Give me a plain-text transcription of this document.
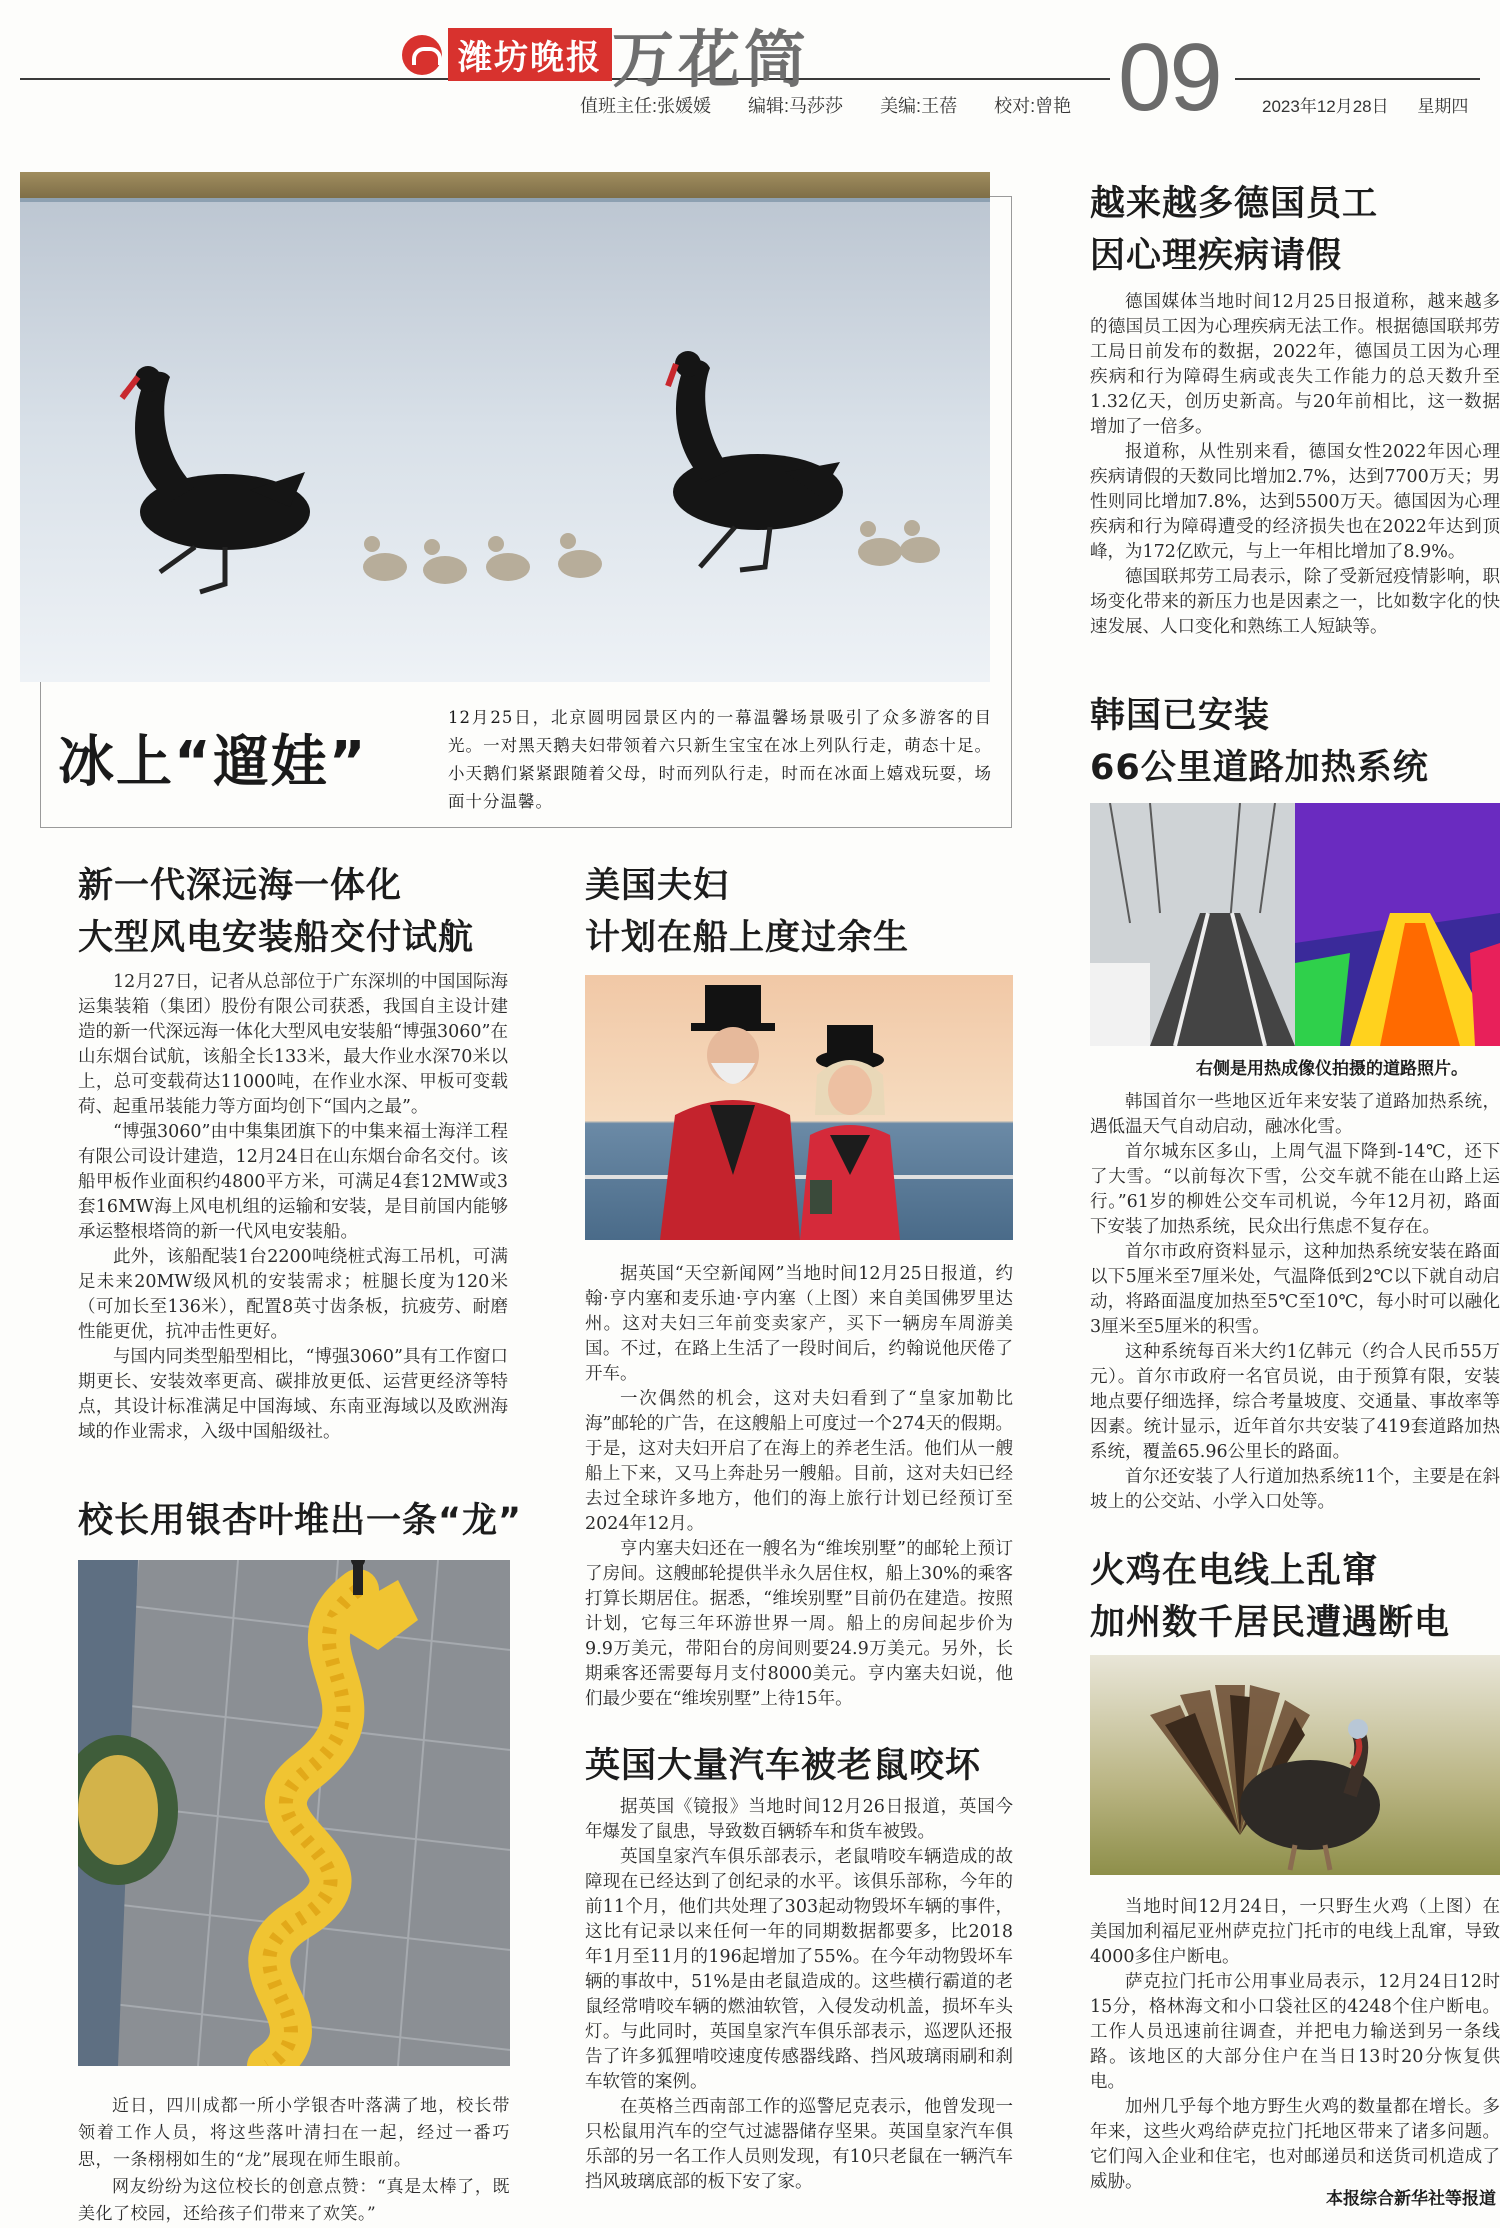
潍坊晚报 万花筒	09
值班主任:张媛媛 编辑:马莎莎 美编:王蓓 校对:曾艳	2023年12月28日 星期四
冰上“遛娃”
12月25日，北京圆明园景区内的一幕温馨场景吸引了众多游客的目光。一对黑天鹅夫妇带领着六只新生宝宝在冰上列队行走，萌态十足。小天鹅们紧紧跟随着父母，时而列队行走，时而在冰面上嬉戏玩耍，场面十分温馨。
新一代深远海一体化
大型风电安装船交付试航

12月27日，记者从总部位于广东深圳的中国国际海运集装箱（集团）股份有限公司获悉，我国自主设计建造的新一代深远海一体化大型风电安装船“博强3060”在山东烟台试航，该船全长133米，最大作业水深70米以上，总可变载荷达11000吨，在作业水深、甲板可变载荷、起重吊装能力等方面均创下“国内之最”。

“博强3060”由中集集团旗下的中集来福士海洋工程有限公司设计建造，12月24日在山东烟台命名交付。该船甲板作业面积约4800平方米，可满足4套12MW或3套16MW海上风电机组的运输和安装，是目前国内能够承运整根塔筒的新一代风电安装船。

此外，该船配装1台2200吨绕桩式海工吊机，可满足未来20MW级风机的安装需求；桩腿长度为120米（可加长至136米），配置8英寸齿条板，抗疲劳、耐磨性能更优，抗冲击性更好。

与国内同类型船型相比，“博强3060”具有工作窗口期更长、安装效率更高、碳排放更低、运营更经济等特点，其设计标准满足中国海域、东南亚海域以及欧洲海域的作业需求，入级中国船级社。

校长用银杏叶堆出一条“龙”

近日，四川成都一所小学银杏叶落满了地，校长带领着工作人员，将这些落叶清扫在一起，经过一番巧思，一条栩栩如生的“龙”展现在师生眼前。

网友纷纷为这位校长的创意点赞：“真是太棒了，既美化了校园，还给孩子们带来了欢笑。”

美国夫妇
计划在船上度过余生

据英国“天空新闻网”当地时间12月25日报道，约翰·亨内塞和麦乐迪·亨内塞（上图）来自美国佛罗里达州。这对夫妇三年前变卖家产，买下一辆房车周游美国。不过，在路上生活了一段时间后，约翰说他厌倦了开车。

一次偶然的机会，这对夫妇看到了“皇家加勒比海”邮轮的广告，在这艘船上可度过一个274天的假期。于是，这对夫妇开启了在海上的养老生活。他们从一艘船上下来，又马上奔赴另一艘船。目前，这对夫妇已经去过全球许多地方，他们的海上旅行计划已经预订至2024年12月。

亨内塞夫妇还在一艘名为“维埃别墅”的邮轮上预订了房间。这艘邮轮提供半永久居住权，船上30%的乘客打算长期居住。据悉，“维埃别墅”目前仍在建造。按照计划，它每三年环游世界一周。船上的房间起步价为9.9万美元，带阳台的房间则要24.9万美元。另外，长期乘客还需要每月支付8000美元。亨内塞夫妇说，他们最少要在“维埃别墅”上待15年。

英国大量汽车被老鼠咬坏

据英国《镜报》当地时间12月26日报道，英国今年爆发了鼠患，导致数百辆轿车和货车被毁。

英国皇家汽车俱乐部表示，老鼠啃咬车辆造成的故障现在已经达到了创纪录的水平。该俱乐部称，今年的前11个月，他们共处理了303起动物毁坏车辆的事件，这比有记录以来任何一年的同期数据都要多，比2018年1月至11月的196起增加了55%。在今年动物毁坏车辆的事故中，51%是由老鼠造成的。这些横行霸道的老鼠经常啃咬车辆的燃油软管，入侵发动机盖，损坏车头灯。与此同时，英国皇家汽车俱乐部表示，巡逻队还报告了许多狐狸啃咬速度传感器线路、挡风玻璃雨刷和刹车软管的案例。

在英格兰西南部工作的巡警尼克表示，他曾发现一只松鼠用汽车的空气过滤器储存坚果。英国皇家汽车俱乐部的另一名工作人员则发现，有10只老鼠在一辆汽车挡风玻璃底部的板下安了家。

越来越多德国员工
因心理疾病请假

德国媒体当地时间12月25日报道称，越来越多的德国员工因为心理疾病无法工作。根据德国联邦劳工局日前发布的数据，2022年，德国员工因为心理疾病和行为障碍生病或丧失工作能力的总天数升至1.32亿天，创历史新高。与20年前相比，这一数据增加了一倍多。

报道称，从性别来看，德国女性2022年因心理疾病请假的天数同比增加2.7%，达到7700万天；男性则同比增加7.8%，达到5500万天。德国因为心理疾病和行为障碍遭受的经济损失也在2022年达到顶峰，为172亿欧元，与上一年相比增加了8.9%。

德国联邦劳工局表示，除了受新冠疫情影响，职场变化带来的新压力也是因素之一，比如数字化的快速发展、人口变化和熟练工人短缺等。

韩国已安装
66公里道路加热系统
右侧是用热成像仪拍摄的道路照片。

韩国首尔一些地区近年来安装了道路加热系统，遇低温天气自动启动，融冰化雪。

首尔城东区多山，上周气温下降到-14℃，还下了大雪。“以前每次下雪，公交车就不能在山路上运行。”61岁的柳姓公交车司机说，今年12月初，路面下安装了加热系统，民众出行焦虑不复存在。

首尔市政府资料显示，这种加热系统安装在路面以下5厘米至7厘米处，气温降低到2℃以下就自动启动，将路面温度加热至5℃至10℃，每小时可以融化3厘米至5厘米的积雪。

这种系统每百米大约1亿韩元（约合人民币55万元）。首尔市政府一名官员说，由于预算有限，安装地点要仔细选择，综合考量坡度、交通量、事故率等因素。统计显示，近年首尔共安装了419套道路加热系统，覆盖65.96公里长的路面。

首尔还安装了人行道加热系统11个，主要是在斜坡上的公交站、小学入口处等。

火鸡在电线上乱窜
加州数千居民遭遇断电

当地时间12月24日，一只野生火鸡（上图）在美国加利福尼亚州萨克拉门托市的电线上乱窜，导致4000多住户断电。

萨克拉门托市公用事业局表示，12月24日12时15分，格林海文和小口袋社区的4248个住户断电。工作人员迅速前往调查，并把电力输送到另一条线路。该地区的大部分住户在当日13时20分恢复供电。

加州几乎每个地方野生火鸡的数量都在增长。多年来，这些火鸡给萨克拉门托地区带来了诸多问题。它们闯入企业和住宅，也对邮递员和送货司机造成了威胁。

本报综合新华社等报道
